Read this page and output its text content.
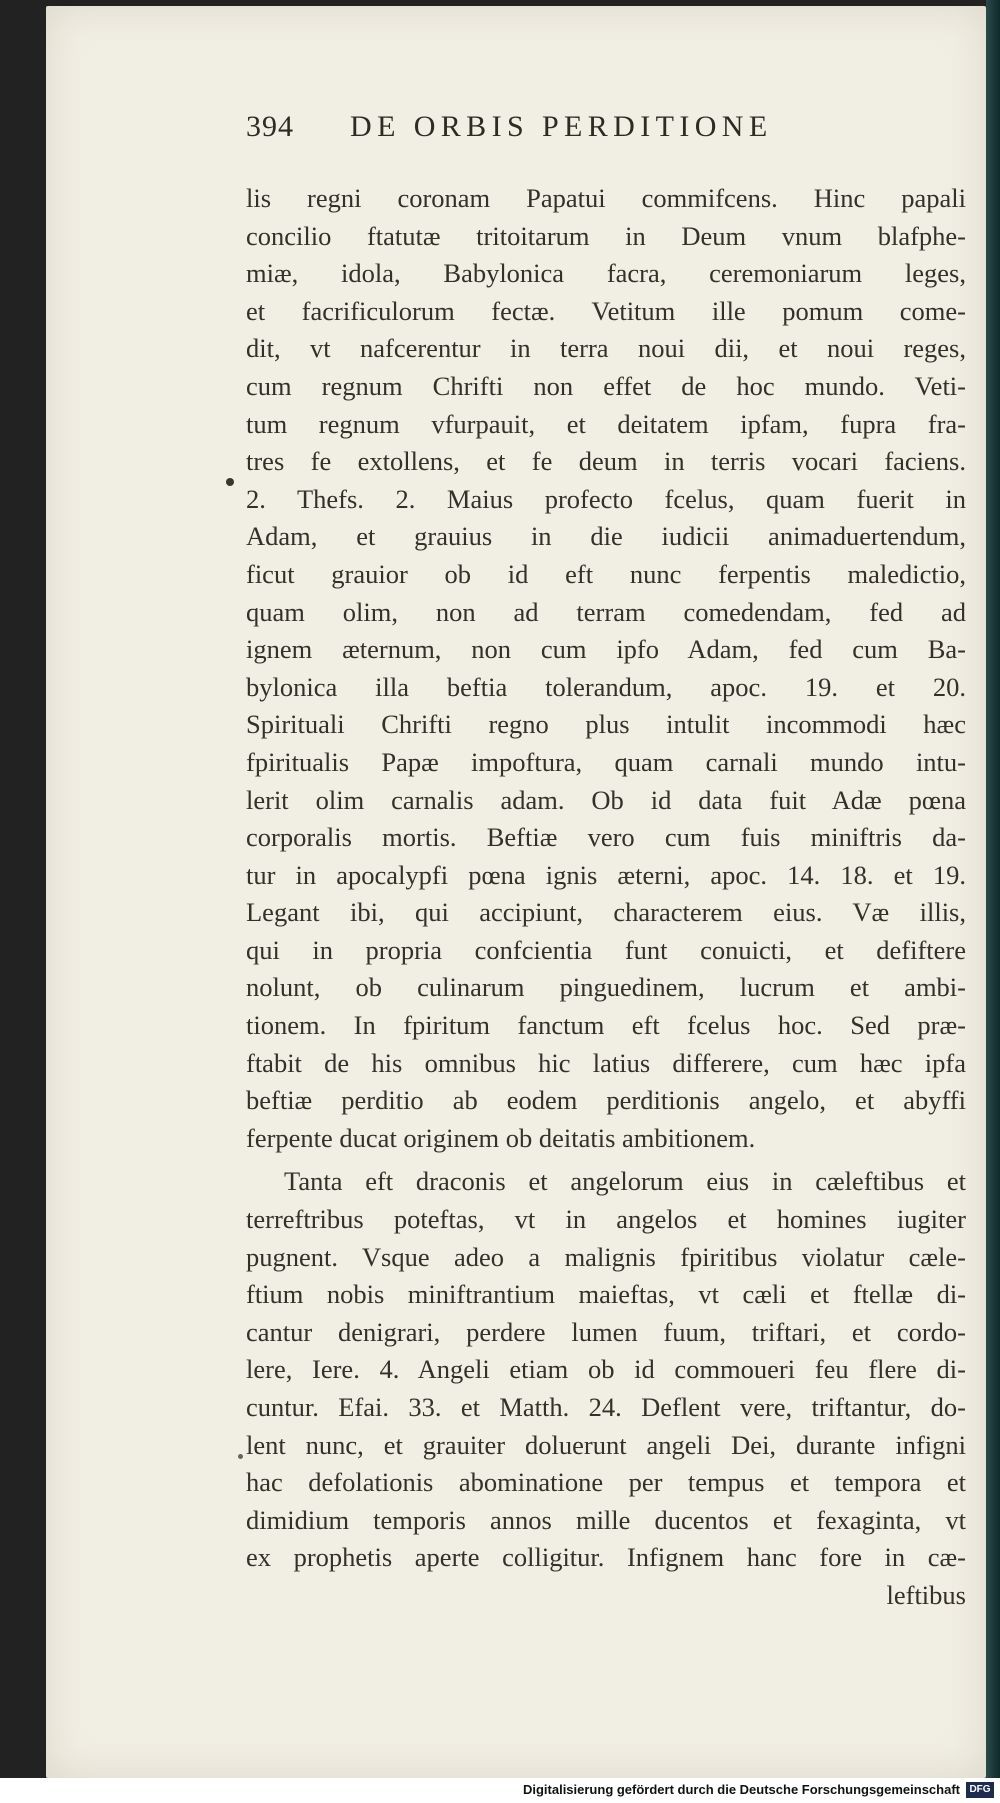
394 DE ORBIS PERDITIONE
lis regni coronam Papatui commifcens. Hinc papali
concilio ftatutæ tritoitarum in Deum vnum blafphe-
miæ, idola, Babylonica facra, ceremoniarum leges,
et facrificulorum fectæ. Vetitum ille pomum come-
dit, vt nafcerentur in terra noui dii, et noui reges,
cum regnum Chrifti non effet de hoc mundo. Veti-
tum regnum vfurpauit, et deitatem ipfam, fupra fra-
tres fe extollens, et fe deum in terris vocari faciens.
2. Thefs. 2. Maius profecto fcelus, quam fuerit in
Adam, et grauius in die iudicii animaduertendum,
ficut grauior ob id eft nunc ferpentis maledictio,
quam olim, non ad terram comedendam, fed ad
ignem æternum, non cum ipfo Adam, fed cum Ba-
bylonica illa beftia tolerandum, apoc. 19. et 20.
Spirituali Chrifti regno plus intulit incommodi hæc
fpiritualis Papæ impoftura, quam carnali mundo intu-
lerit olim carnalis adam. Ob id data fuit Adæ pœna
corporalis mortis. Beftiæ vero cum fuis miniftris da-
tur in apocalypfi pœna ignis æterni, apoc. 14. 18. et 19.
Legant ibi, qui accipiunt, characterem eius. Væ illis,
qui in propria confcientia funt conuicti, et defiftere
nolunt, ob culinarum pinguedinem, lucrum et ambi-
tionem. In fpiritum fanctum eft fcelus hoc. Sed præ-
ftabit de his omnibus hic latius differere, cum hæc ipfa
beftiæ perditio ab eodem perditionis angelo, et abyffi
ferpente ducat originem ob deitatis ambitionem.
Tanta eft draconis et angelorum eius in cæleftibus et
terreftribus poteftas, vt in angelos et homines iugiter
pugnent. Vsque adeo a malignis fpiritibus violatur cæle-
ftium nobis miniftrantium maieftas, vt cæli et ftellæ di-
cantur denigrari, perdere lumen fuum, triftari, et cordo-
lere, Iere. 4. Angeli etiam ob id commoueri feu flere di-
cuntur. Efai. 33. et Matth. 24. Deflent vere, triftantur, do-
lent nunc, et grauiter doluerunt angeli Dei, durante infigni
hac defolationis abominatione per tempus et tempora et
dimidium temporis annos mille ducentos et fexaginta, vt
ex prophetis aperte colligitur. Infignem hanc fore in cæ-
leftibus
Digitalisierung gefördert durch die Deutsche Forschungsgemeinschaft DFG
